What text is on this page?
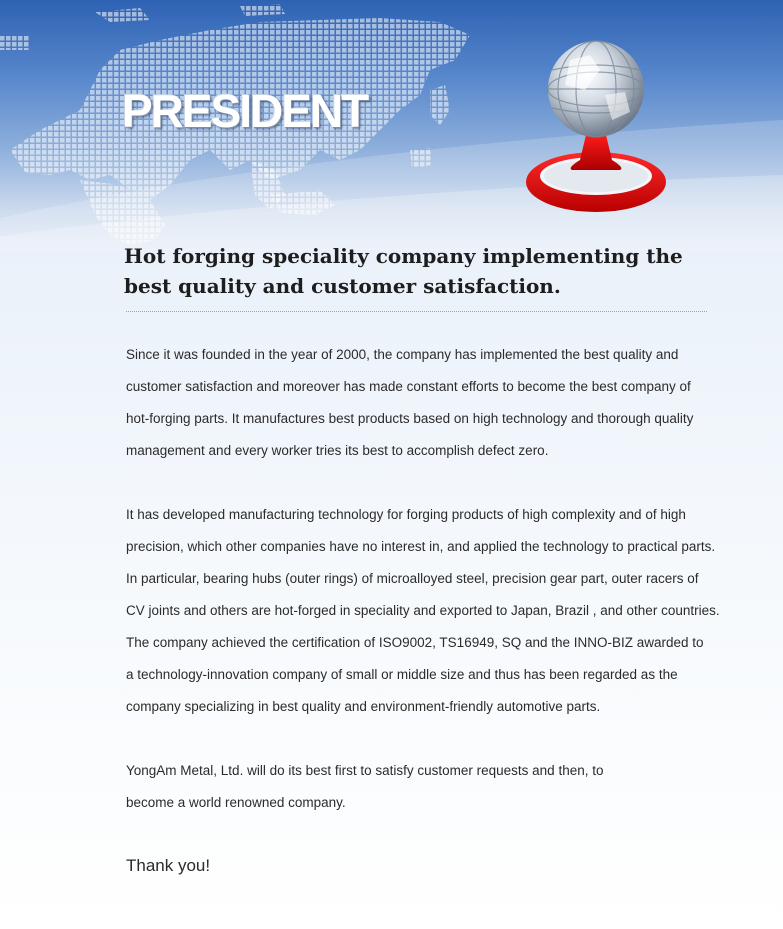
PRESIDENT
Hot forging speciality company implementing the
best quality and customer satisfaction.
Since it was founded in the year of 2000, the company has implemented the best quality and
customer satisfaction and moreover has made constant efforts to become the best company of
hot-forging parts. It manufactures best products based on high technology and thorough quality
management and every worker tries its best to accomplish defect zero.
It has developed manufacturing technology for forging products of high complexity and of high
precision, which other companies have no interest in, and applied the technology to practical parts.
In particular, bearing hubs (outer rings) of microalloyed steel, precision gear part, outer racers of
CV joints and others are hot-forged in speciality and exported to Japan, Brazil , and other countries.
The company achieved the certification of ISO9002, TS16949, SQ and the INNO-BIZ awarded to
a technology-innovation company of small or middle size and thus has been regarded as the
company specializing in best quality and environment-friendly automotive parts.
YongAm Metal, Ltd. will do its best first to satisfy customer requests and then, to
become a world renowned company.

Thank you!
